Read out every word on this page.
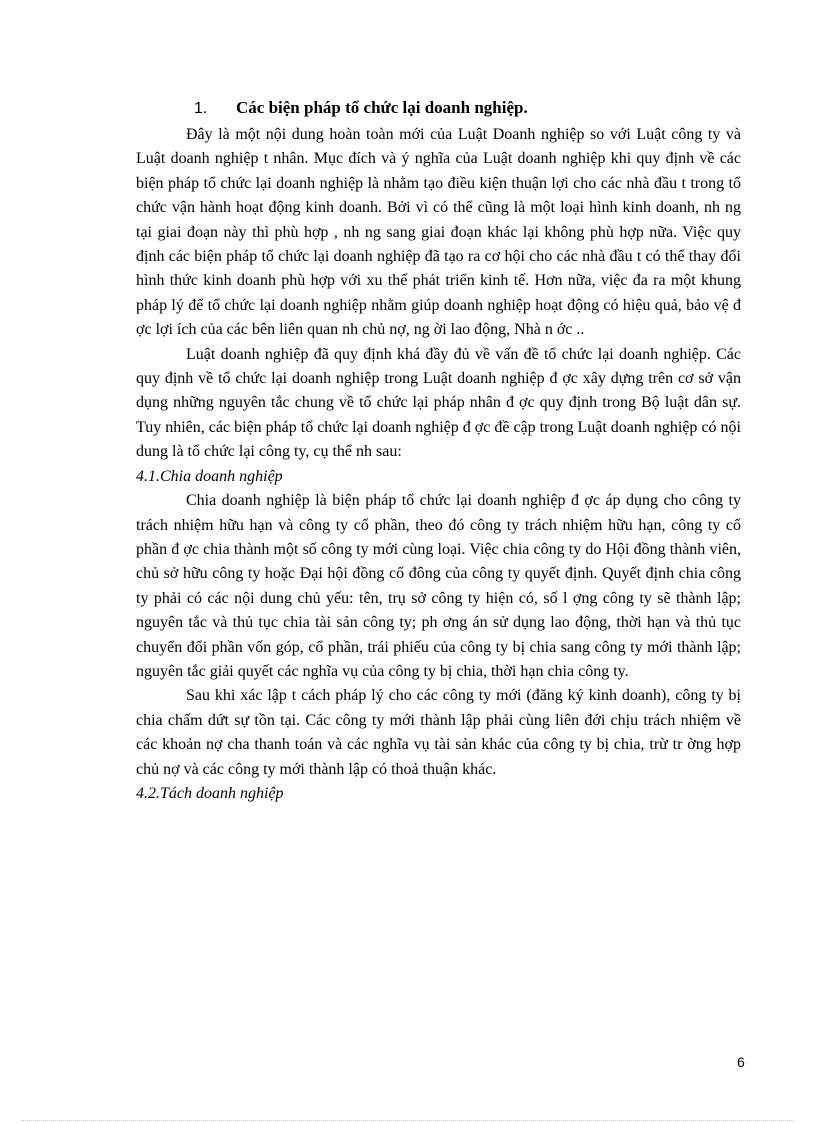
1. Các biện pháp tổ chức lại doanh nghiệp.

Đây là một nội dung hoàn toàn mới của Luật Doanh nghiệp so với Luật công ty và Luật doanh nghiệp t nhân. Mục đích và ý nghĩa của Luật doanh nghiệp khi quy định về các biện pháp tổ chức lại doanh nghiệp là nhằm tạo điều kiện thuận lợi cho các nhà đầu t trong tổ chức vận hành hoạt động kinh doanh. Bởi vì có thể cũng là một loại hình kinh doanh, nh ng tại giai đoạn này thì phù hợp , nh ng sang giai đoạn khác lại không phù hợp nữa. Việc quy định các biện pháp tổ chức lại doanh nghiệp đã tạo ra cơ hội cho các nhà đầu t có thể thay đổi hình thức kinh doanh phù hợp với xu thế phát triển kinh tế. Hơn nữa, việc đa ra một khung pháp lý để tổ chức lại doanh nghiệp nhằm giúp doanh nghiệp hoạt động có hiệu quả, bảo vệ đ ợc lợi ích của các bên liên quan nh chủ nợ, ng ời lao động, Nhà n ớc ..

Luật doanh nghiệp đã quy định khá đầy đủ về vấn đề tổ chức lại doanh nghiệp. Các quy định về tổ chức lại doanh nghiệp trong Luật doanh nghiệp đ ợc xây dựng trên cơ sở vận dụng những nguyên tắc chung về tổ chức lại pháp nhân đ ợc quy định trong Bộ luật dân sự. Tuy nhiên, các biện pháp tổ chức lại doanh nghiệp đ ợc đề cập trong Luật doanh nghiệp có nội dung là tổ chức lại công ty, cụ thể nh sau:

4.1.Chia doanh nghiệp

Chia doanh nghiệp là biện pháp tổ chức lại doanh nghiệp đ ợc áp dụng cho công ty trách nhiệm hữu hạn và công ty cổ phần, theo đó công ty trách nhiệm hữu hạn, công ty cổ phần đ ợc chia thành một số công ty mới cùng loại. Việc chia công ty do Hội đồng thành viên, chủ sở hữu công ty hoặc Đại hội đồng cổ đông của công ty quyết định. Quyết định chia công ty phải có các nội dung chủ yếu: tên, trụ sở công ty hiện có, số l ợng công ty sẽ thành lập; nguyên tắc và thủ tục chia tài sản công ty; ph ơng án sử dụng lao động, thời hạn và thủ tục chuyển đổi phần vốn góp, cổ phần, trái phiếu của công ty bị chia sang công ty mới thành lập; nguyên tắc giải quyết các nghĩa vụ của công ty bị chia, thời hạn chia công ty.

Sau khi xác lập t cách pháp lý cho các công ty mới (đăng ký kinh doanh), công ty bị chia chấm dứt sự tồn tại. Các công ty mới thành lập phải cùng liên đới chịu trách nhiệm về các khoản nợ cha thanh toán và các nghĩa vụ tài sản khác của công ty bị chia, trừ tr ờng hợp chủ nợ và các công ty mới thành lập có thoả thuận khác.

4.2.Tách doanh nghiệp

6
